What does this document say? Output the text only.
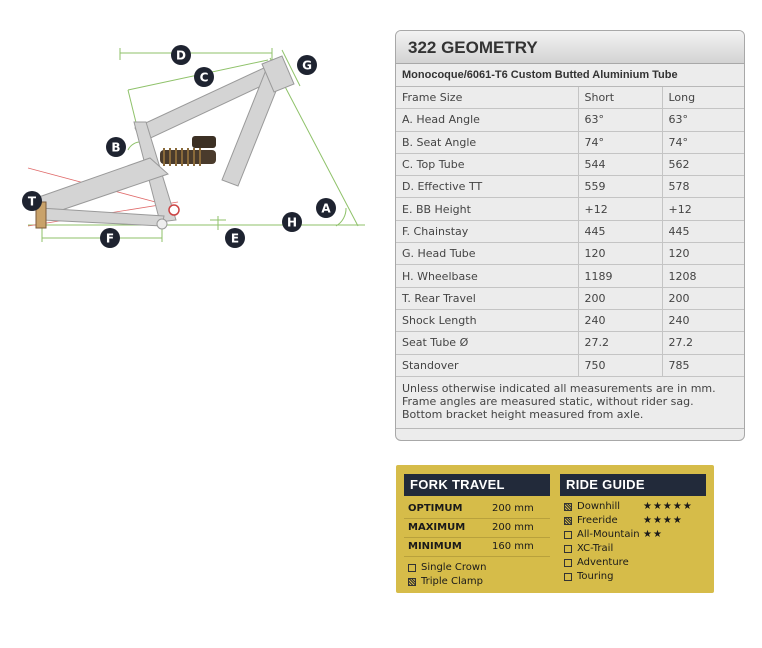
D
C
G
B
T	A
H
F	E
322 GEOMETRY
Monocoque/6061-T6 Custom Butted Aluminium Tube
Frame Size	Short	Long
A. Head Angle	63°	63°
B. Seat Angle	74°	74°
C. Top Tube	544	562
D. Effective TT	559	578
E. BB Height	+12	+12
F. Chainstay	445	445
G. Head Tube	120	120
H. Wheelbase	1189	1208
T. Rear Travel	200	200
Shock Length	240	240
Seat Tube Ø	27.2	27.2
Standover	750	785
Unless otherwise indicated all measurements are in mm.
Frame angles are measured static, without rider sag.
Bottom bracket height measured from axle.
FORK TRAVEL
OPTIMUM	200 mm
MAXIMUM	200 mm
MINIMUM	160 mm
Single Crown
Triple Clamp
RIDE GUIDE
Downhill	★★★★★
Freeride	★★★★
All-Mountain ★★
XC-Trail
Adventure
Touring
